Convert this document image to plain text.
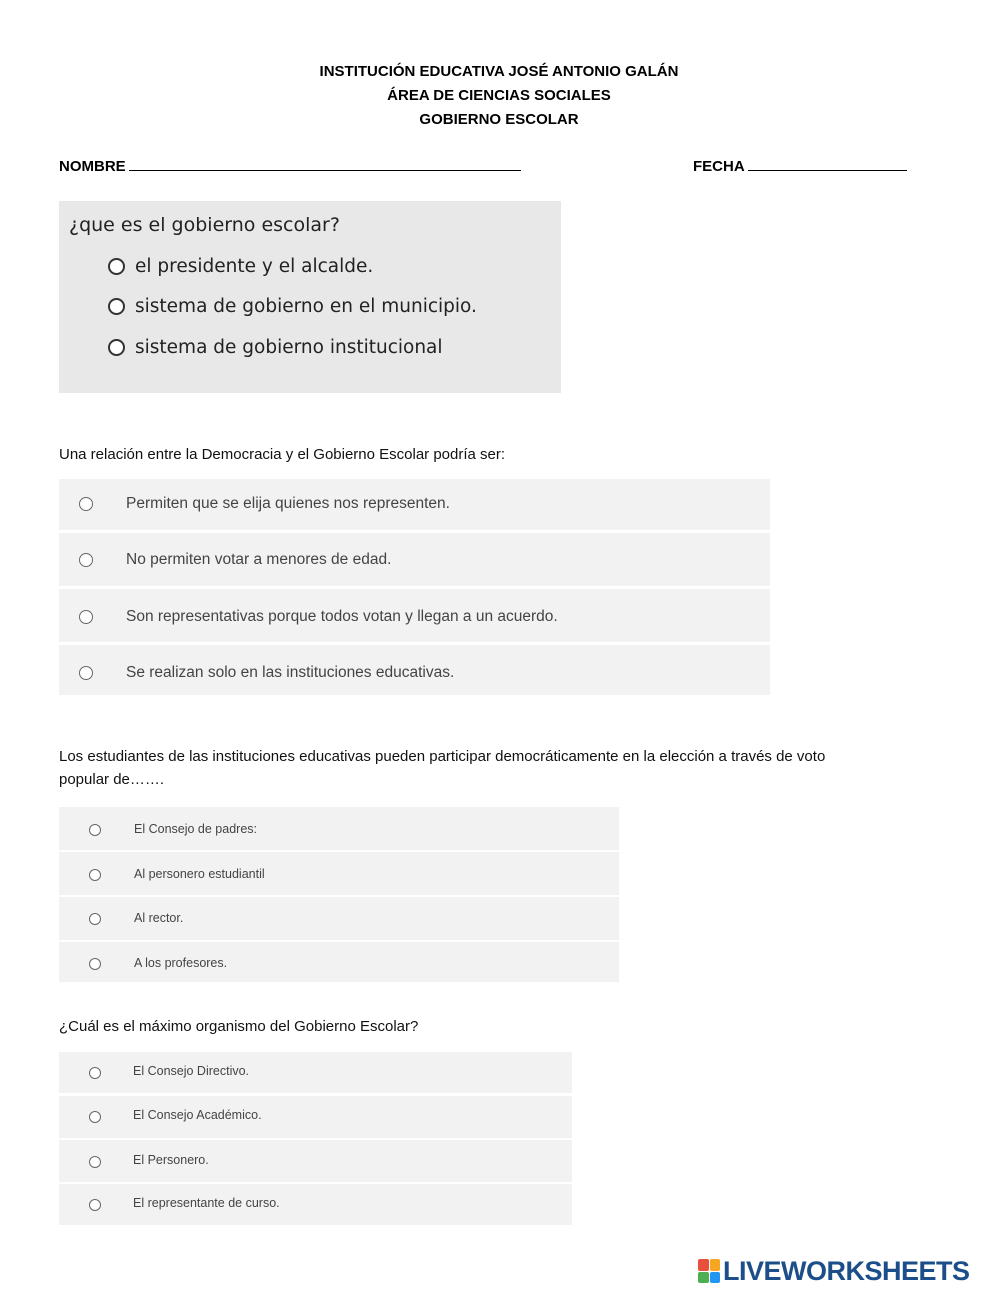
INSTITUCIÓN EDUCATIVA JOSÉ ANTONIO GALÁN
ÁREA DE CIENCIAS SOCIALES
GOBIERNO ESCOLAR
NOMBRE	FECHA
¿que es el gobierno escolar?
el presidente y el alcalde.
sistema de gobierno en el municipio.
sistema de gobierno institucional
Una relación entre la Democracia y el Gobierno Escolar podría ser:
Permiten que se elija quienes nos representen.
No permiten votar a menores de edad.
Son representativas porque todos votan y llegan a un acuerdo.
Se realizan solo en las instituciones educativas.
Los estudiantes de las instituciones educativas pueden participar democráticamente en la elección a través de voto
popular de…….
El Consejo de padres:
Al personero estudiantil
Al rector.
A los profesores.
¿Cuál es el máximo organismo del Gobierno Escolar?
El Consejo Directivo.
El Consejo Académico.
El Personero.
El representante de curso.
LIVEWORKSHEETS
